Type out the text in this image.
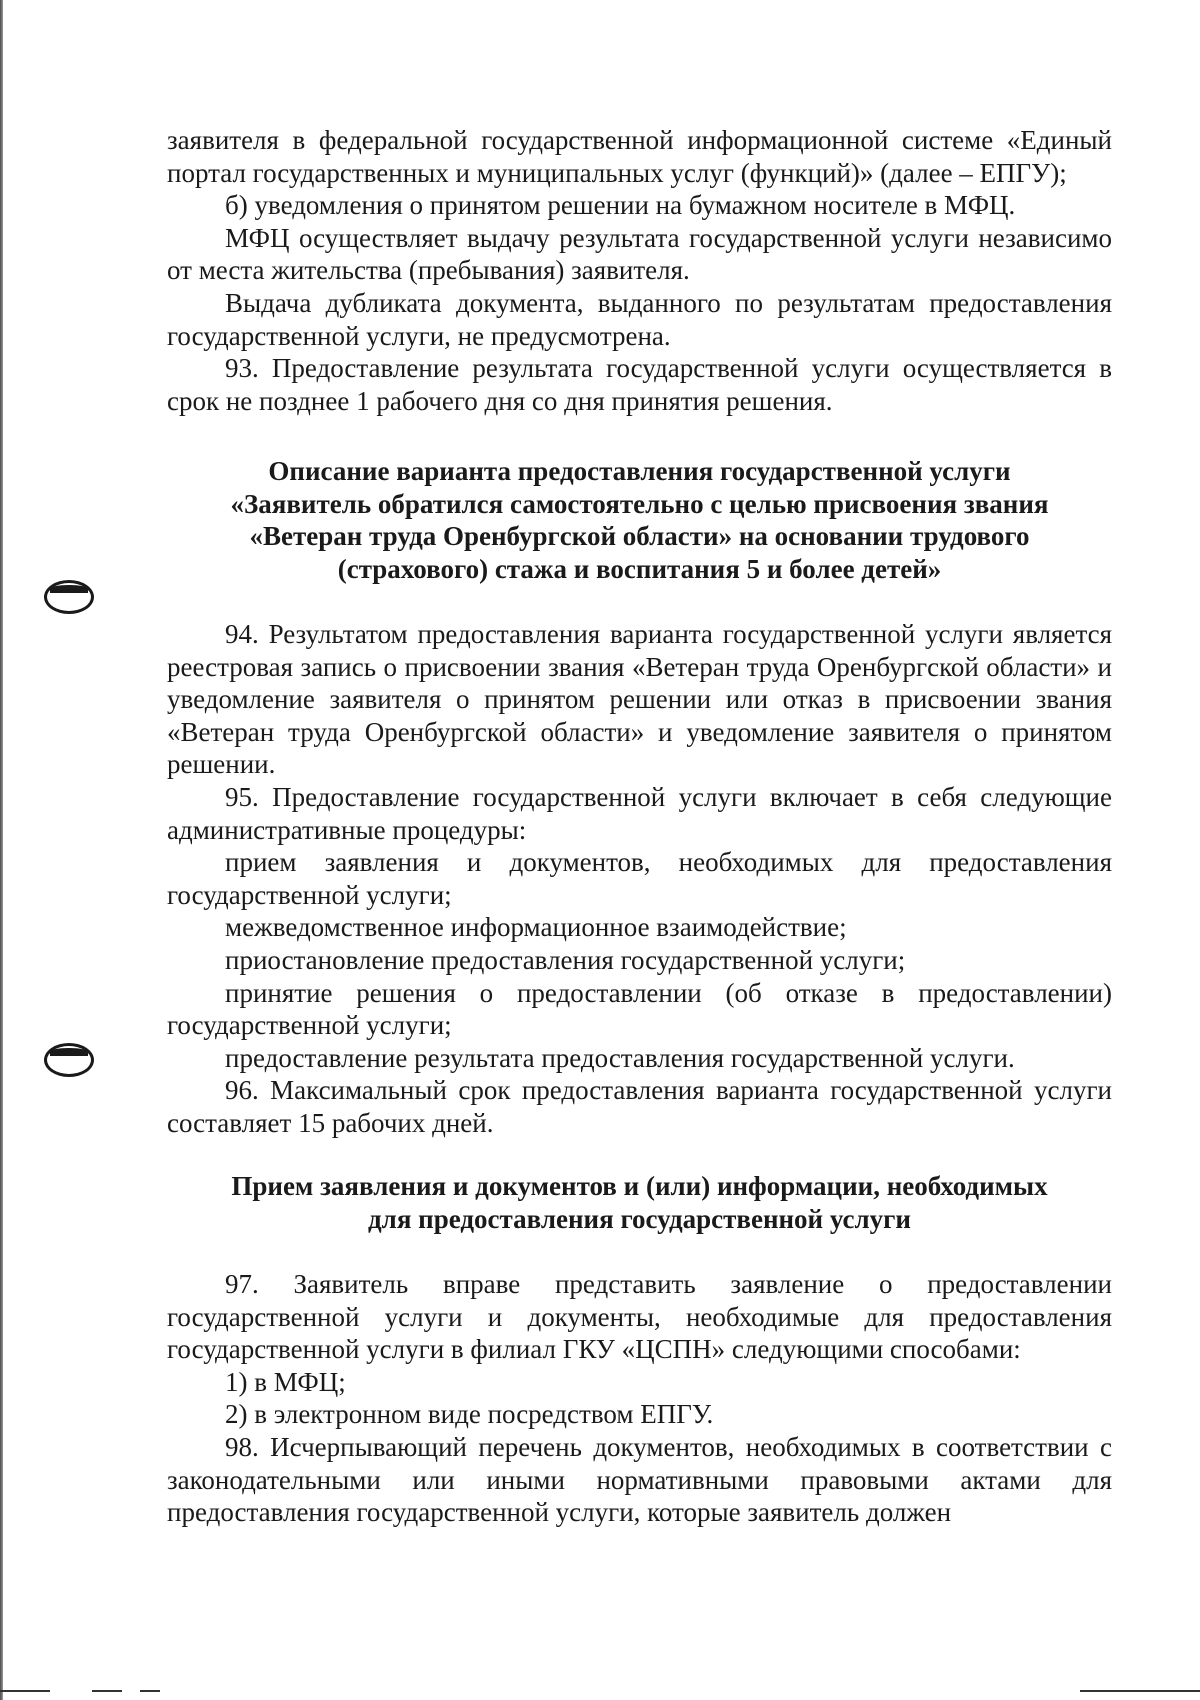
заявителя в федеральной государственной информационной системе «Единый портал государственных и муниципальных услуг (функций)» (далее – ЕПГУ);

б) уведомления о принятом решении на бумажном носителе в МФЦ.

МФЦ осуществляет выдачу результата государственной услуги независимо от места жительства (пребывания) заявителя.

Выдача дубликата документа, выданного по результатам предоставления государственной услуги, не предусмотрена.

93. Предоставление результата государственной услуги осуществляется в срок не позднее 1 рабочего дня со дня принятия решения.

Описание варианта предоставления государственной услуги
«Заявитель обратился самостоятельно с целью присвоения звания
«Ветеран труда Оренбургской области» на основании трудового
(страхового) стажа и воспитания 5 и более детей»

94. Результатом предоставления варианта государственной услуги является реестровая запись о присвоении звания «Ветеран труда Оренбургской области» и уведомление заявителя о принятом решении или отказ в присвоении звания «Ветеран труда Оренбургской области» и уведомление заявителя о принятом решении.

95. Предоставление государственной услуги включает в себя следующие административные процедуры:

прием заявления и документов, необходимых для предоставления государственной услуги;

межведомственное информационное взаимодействие;

приостановление предоставления государственной услуги;

принятие решения о предоставлении (об отказе в предоставлении) государственной услуги;

предоставление результата предоставления государственной услуги.

96. Максимальный срок предоставления варианта государственной услуги составляет 15 рабочих дней.

Прием заявления и документов и (или) информации, необходимых
для предоставления государственной услуги

97. Заявитель вправе представить заявление о предоставлении государственной услуги и документы, необходимые для предоставления государственной услуги в филиал ГКУ «ЦСПН» следующими способами:

1) в МФЦ;

2) в электронном виде посредством ЕПГУ.

98. Исчерпывающий перечень документов, необходимых в соответствии с законодательными или иными нормативными правовыми актами для предоставления государственной услуги, которые заявитель должен
